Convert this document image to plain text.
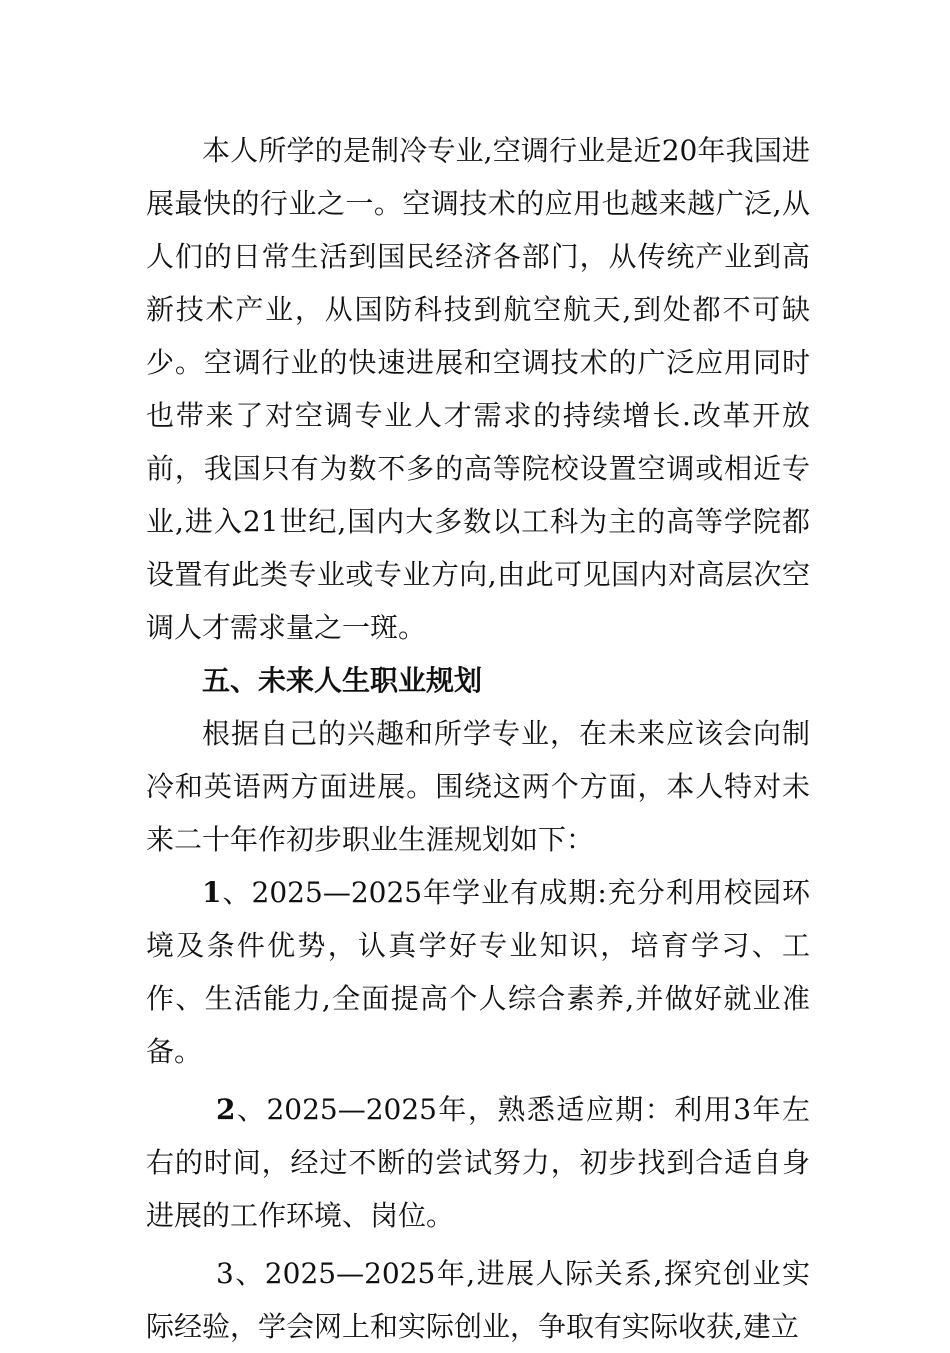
本人所学的是制冷专业,空调行业是近20年我国进展最快的行业之一。空调技术的应用也越来越广泛,从人们的日常生活到国民经济各部门，从传统产业到高新技术产业，从国防科技到航空航天,到处都不可缺少。空调行业的快速进展和空调技术的广泛应用同时也带来了对空调专业人才需求的持续增长.改革开放前，我国只有为数不多的高等院校设置空调或相近专业,进入21世纪,国内大多数以工科为主的高等学院都设置有此类专业或专业方向,由此可见国内对高层次空调人才需求量之一斑。

五、未来人生职业规划

根据自己的兴趣和所学专业，在未来应该会向制冷和英语两方面进展。围绕这两个方面，本人特对未来二十年作初步职业生涯规划如下：

1、2025—2025年学业有成期:充分利用校园环境及条件优势，认真学好专业知识，培育学习、工作、生活能力,全面提高个人综合素养,并做好就业准备。

2、2025—2025年，熟悉适应期：利用3年左右的时间，经过不断的尝试努力，初步找到合适自身进展的工作环境、岗位。

3、2025—2025年,进展人际关系,探究创业实际经验，学会网上和实际创业，争取有实际收获,建立
